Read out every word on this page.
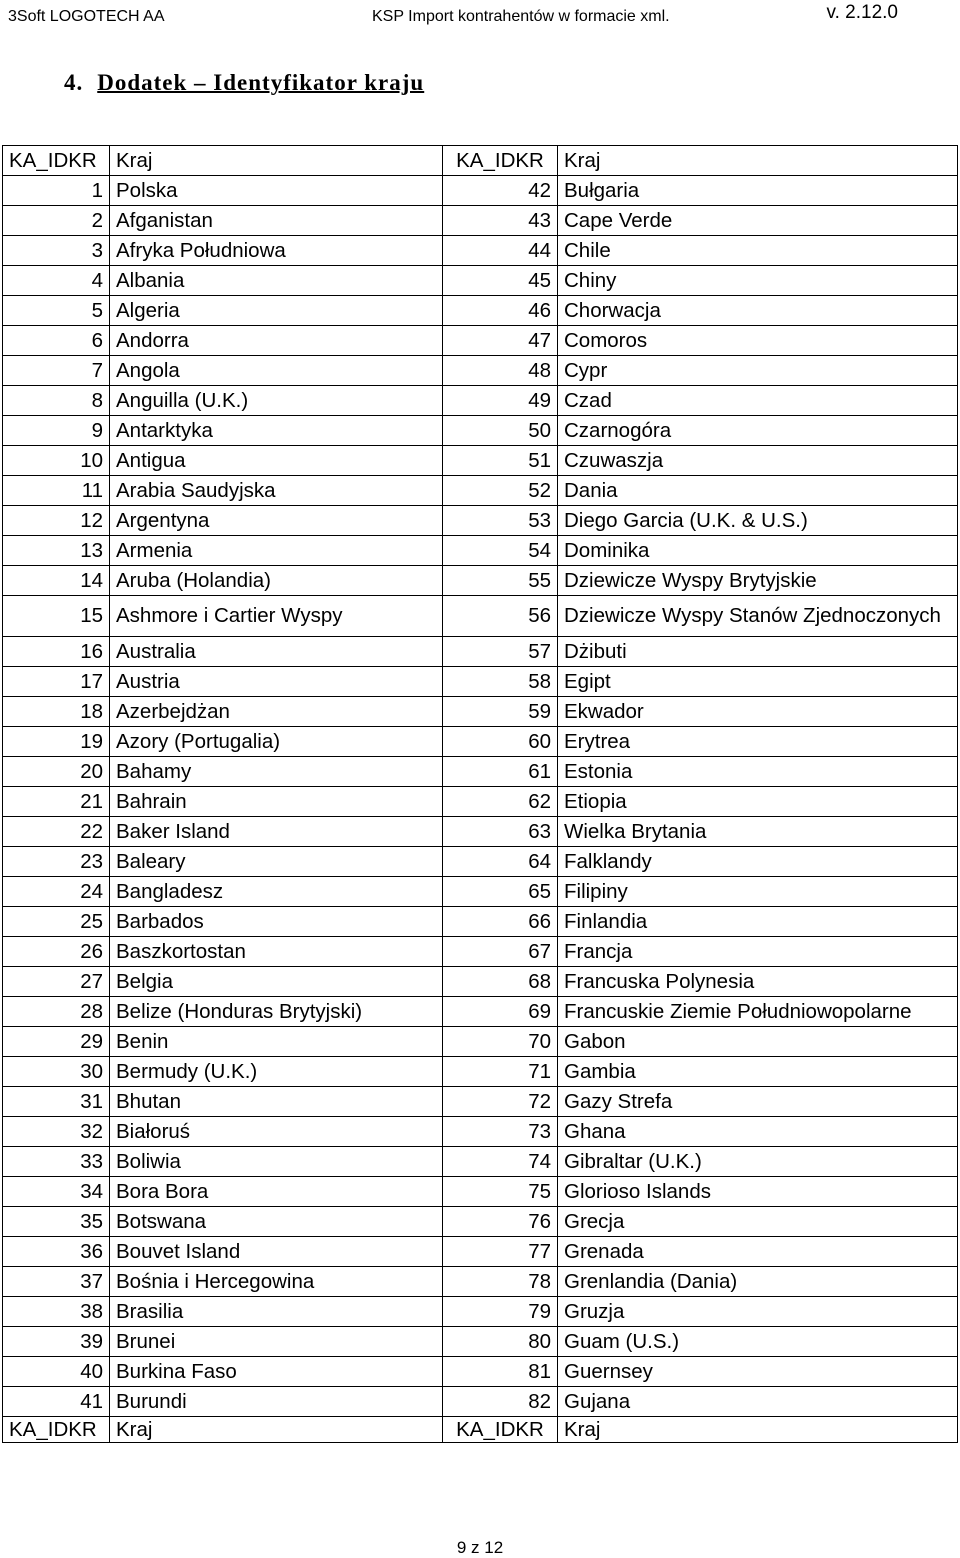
3Soft LOGOTECH AA	KSP Import kontrahentów w formacie xml.	v. 2.12.0
4. Dodatek – Identyfikator kraju
KA_IDKR	Kraj	KA_IDKR	Kraj
1	Polska	42	Bułgaria
2	Afganistan	43	Cape Verde
3	Afryka Południowa	44	Chile
4	Albania	45	Chiny
5	Algeria	46	Chorwacja
6	Andorra	47	Comoros
7	Angola	48	Cypr
8	Anguilla (U.K.)	49	Czad
9	Antarktyka	50	Czarnogóra
10	Antigua	51	Czuwaszja
11	Arabia Saudyjska	52	Dania
12	Argentyna	53	Diego Garcia (U.K. & U.S.)
13	Armenia	54	Dominika
14	Aruba (Holandia)	55	Dziewicze Wyspy Brytyjskie
15	Ashmore i Cartier Wyspy	56	Dziewicze Wyspy Stanów Zjednoczonych
16	Australia	57	Dżibuti
17	Austria	58	Egipt
18	Azerbejdżan	59	Ekwador
19	Azory (Portugalia)	60	Erytrea
20	Bahamy	61	Estonia
21	Bahrain	62	Etiopia
22	Baker Island	63	Wielka Brytania
23	Baleary	64	Falklandy
24	Bangladesz	65	Filipiny
25	Barbados	66	Finlandia
26	Baszkortostan	67	Francja
27	Belgia	68	Francuska Polynesia
28	Belize (Honduras Brytyjski)	69	Francuskie Ziemie Południowopolarne
29	Benin	70	Gabon
30	Bermudy (U.K.)	71	Gambia
31	Bhutan	72	Gazy Strefa
32	Białoruś	73	Ghana
33	Boliwia	74	Gibraltar (U.K.)
34	Bora Bora	75	Glorioso Islands
35	Botswana	76	Grecja
36	Bouvet Island	77	Grenada
37	Bośnia i Hercegowina	78	Grenlandia (Dania)
38	Brasilia	79	Gruzja
39	Brunei	80	Guam (U.S.)
40	Burkina Faso	81	Guernsey
41	Burundi	82	Gujana
KA_IDKR	Kraj	KA_IDKR	Kraj
9 z 12
